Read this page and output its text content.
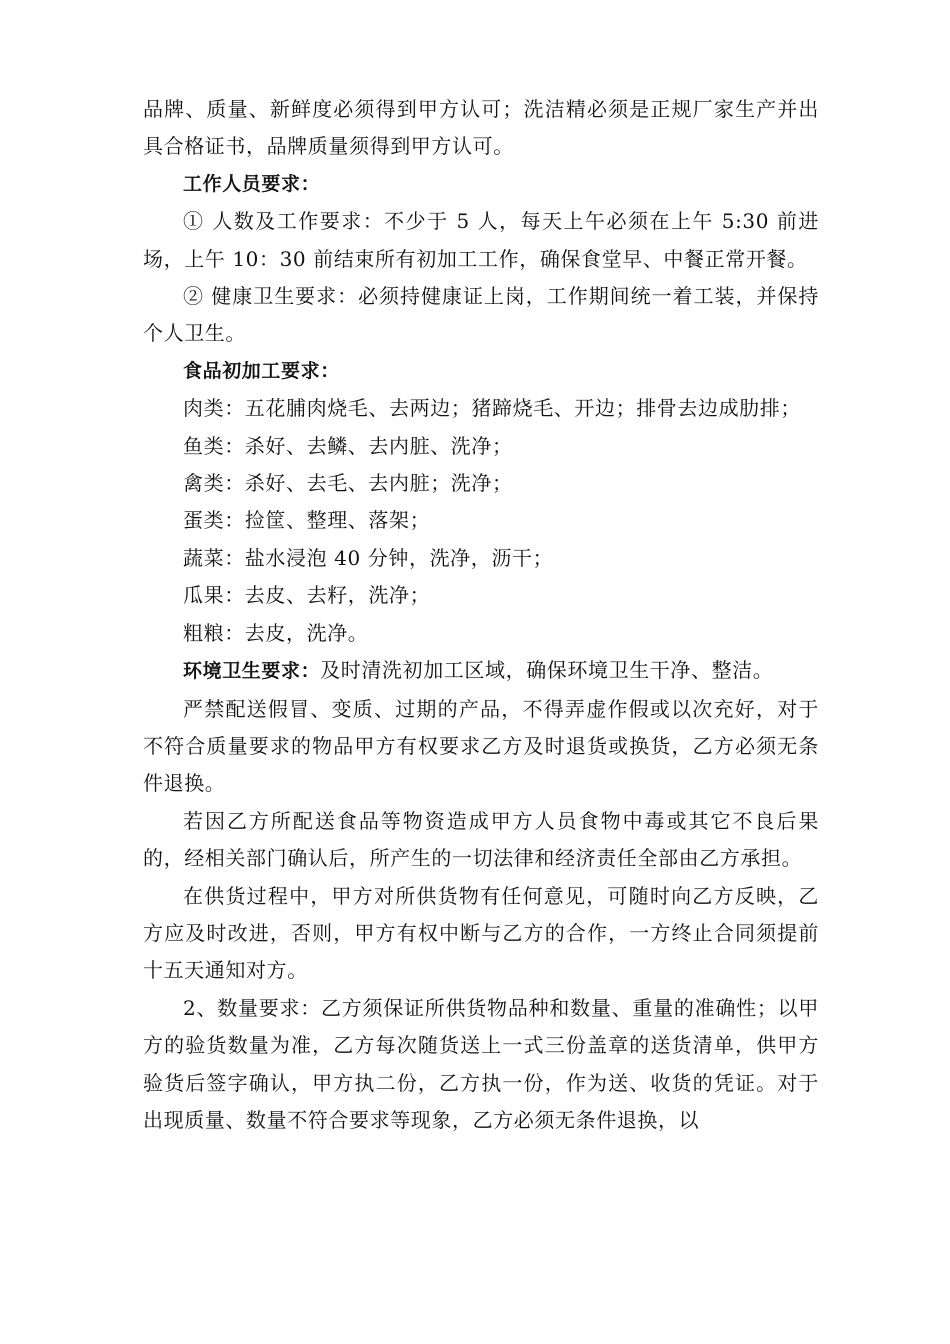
品牌、质量、新鲜度必须得到甲方认可；洗洁精必须是正规厂家生产并出具合格证书，品牌质量须得到甲方认可。

工作人员要求：

① 人数及工作要求：不少于 5 人，每天上午必须在上午 5:30 前进场，上午 10：30 前结束所有初加工工作，确保食堂早、中餐正常开餐。

② 健康卫生要求：必须持健康证上岗，工作期间统一着工装，并保持个人卫生。

食品初加工要求：

肉类：五花脯肉烧毛、去两边；猪蹄烧毛、开边；排骨去边成肋排；

鱼类：杀好、去鳞、去内脏、洗净；

禽类：杀好、去毛、去内脏；洗净；

蛋类：捡筐、整理、落架；

蔬菜：盐水浸泡 40 分钟，洗净，沥干；

瓜果：去皮、去籽，洗净；

粗粮：去皮，洗净。

环境卫生要求：及时清洗初加工区域，确保环境卫生干净、整洁。

严禁配送假冒、变质、过期的产品，不得弄虚作假或以次充好，对于不符合质量要求的物品甲方有权要求乙方及时退货或换货，乙方必须无条件退换。

若因乙方所配送食品等物资造成甲方人员食物中毒或其它不良后果的，经相关部门确认后，所产生的一切法律和经济责任全部由乙方承担。

在供货过程中，甲方对所供货物有任何意见，可随时向乙方反映，乙方应及时改进，否则，甲方有权中断与乙方的合作，一方终止合同须提前十五天通知对方。

2、数量要求：乙方须保证所供货物品种和数量、重量的准确性；以甲方的验货数量为准，乙方每次随货送上一式三份盖章的送货清单，供甲方验货后签字确认，甲方执二份，乙方执一份，作为送、收货的凭证。对于出现质量、数量不符合要求等现象，乙方必须无条件退换，以
